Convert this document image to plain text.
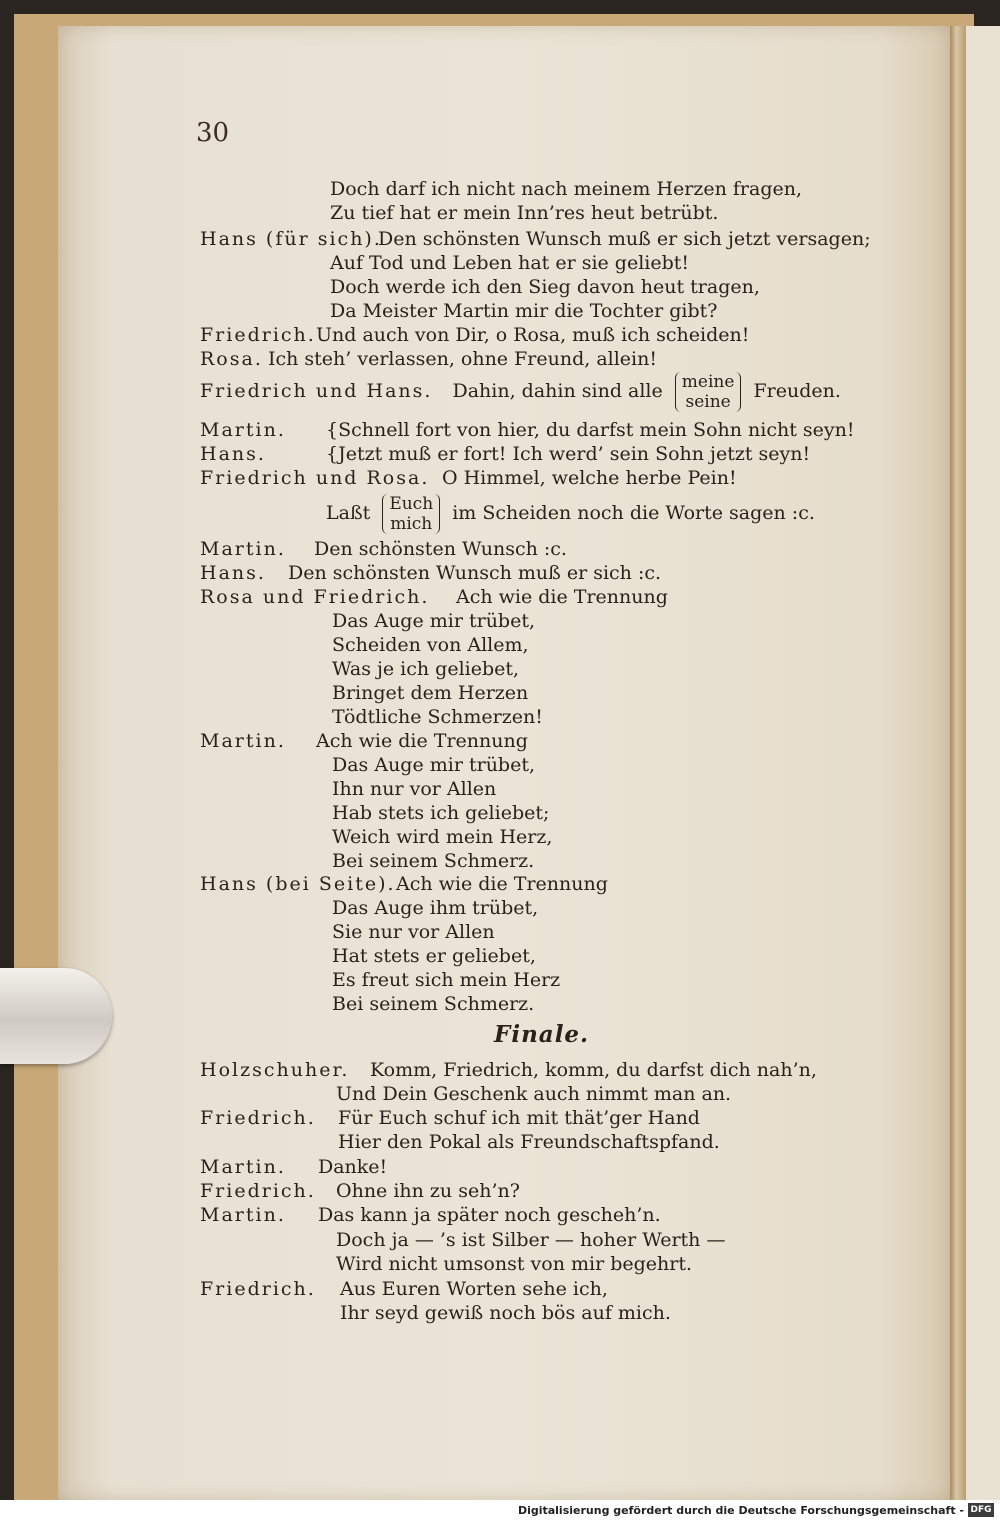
30
Doch darf ich nicht nach meinem Herzen fragen,
Zu tief hat er mein Inn’res heut betrübt.
Hans (für sich).
Den schönsten Wunsch muß er sich jetzt versagen;
Auf Tod und Leben hat er sie geliebt!
Doch werde ich den Sieg davon heut tragen,
Da Meister Martin mir die Tochter gibt?
Friedrich. Und auch von Dir, o Rosa, muß ich scheiden!
Rosa. Ich steh’ verlassen, ohne Freund, allein!
Friedrich und Hans. Dahin, dahin sind alle meine
seine Freuden.
Martin. {Schnell fort von hier, du darfst mein Sohn nicht seyn!
Hans.	{Jetzt muß er fort! Ich werd’ sein Sohn jetzt seyn!
Friedrich und Rosa. O Himmel, welche herbe Pein!
Laßt Euch
mich im Scheiden noch die Worte sagen :c.
Martin. Den schönsten Wunsch :c.
Hans. Den schönsten Wunsch muß er sich :c.
Rosa und Friedrich. Ach wie die Trennung
Das Auge mir trübet,
Scheiden von Allem,
Was je ich geliebet,
Bringet dem Herzen
Tödtliche Schmerzen!
Martin. Ach wie die Trennung
Das Auge mir trübet,
Ihn nur vor Allen
Hab stets ich geliebet;
Weich wird mein Herz,
Bei seinem Schmerz.
Hans (bei Seite). Ach wie die Trennung
Das Auge ihm trübet,
Sie nur vor Allen
Hat stets er geliebet,
Es freut sich mein Herz
Bei seinem Schmerz.
Finale.
Holzschuher. Komm, Friedrich, komm, du darfst dich nah’n,
Und Dein Geschenk auch nimmt man an.
Friedrich. Für Euch schuf ich mit thät’ger Hand
Hier den Pokal als Freundschaftspfand.
Martin. Danke!
Friedrich. Ohne ihn zu seh’n?
Martin. Das kann ja später noch gescheh’n.
Doch ja — ’s ist Silber — hoher Werth —
Wird nicht umsonst von mir begehrt.
Friedrich. Aus Euren Worten sehe ich,
Ihr seyd gewiß noch bös auf mich.
Digitalisierung gefördert durch die Deutsche Forschungsgemeinschaft - DFG
